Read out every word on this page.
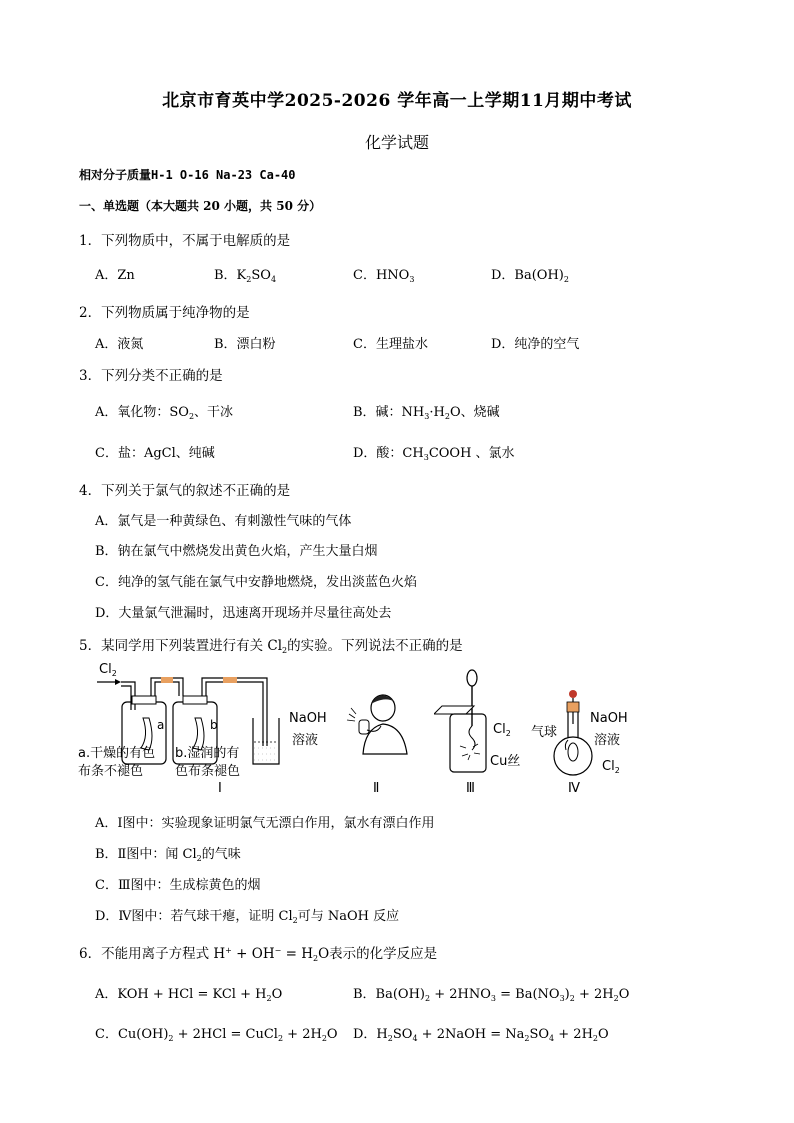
北京市育英中学2025-2026 学年高一上学期11月期中考试
化学试题
相对分子质量H-1 O-16 Na-23 Ca-40
一、单选题（本大题共 20 小题，共 50 分）
1．下列物质中，不属于电解质的是
A．Zn	B．$K_2SO_4$	C．$HNO_3$	D．$Ba(OH)_2$
2．下列物质属于纯净物的是
A．液氮	B．漂白粉	C．生理盐水	D．纯净的空气
3．下列分类不正确的是
A．氧化物：$SO_2$、干冰	B．碱：$NH_3\cdot H_2O$、烧碱
C．盐：AgCl、纯碱	D．酸：$CH_3COOH$ 、氯水
4．下列关于氯气的叙述不正确的是
A．氯气是一种黄绿色、有刺激性气味的气体
B．钠在氯气中燃烧发出黄色火焰，产生大量白烟
C．纯净的氢气能在氯气中安静地燃烧，发出淡蓝色火焰
D．大量氯气泄漏时，迅速离开现场并尽量往高处去
5．某同学用下列装置进行有关 $Cl_2$的实验。下列说法不正确的是
$Cl_2$
a	b	NaOH
溶液
a.干燥的有色
布条不褪色
b.湿润的有
色布条褪色
Ⅰ	Ⅱ
$Cl_2$
Cu丝
Ⅲ
气球
NaOH
溶液
$Cl_2$
Ⅳ
A．Ⅰ图中：实验现象证明氯气无漂白作用，氯水有漂白作用
B．Ⅱ图中：闻 $Cl_2$的气味
C．Ⅲ图中：生成棕黄色的烟
D．Ⅳ图中：若气球干瘪，证明 $Cl_2$可与 NaOH 反应
6．不能用离子方程式 $H^+ + OH^- = H_2O$表示的化学反应是
A．KOH + HCl = KCl + $H_2O$	B．$Ba(OH)_2 + 2HNO_3 = Ba(NO_3)_2 + 2H_2O$
C．$Cu(OH)_2 + 2HCl$ = CuCl$_2$ + $2H_2O$ D．$H_2SO_4$ + 2NaOH = $Na_2SO_4 + 2H_2O$
